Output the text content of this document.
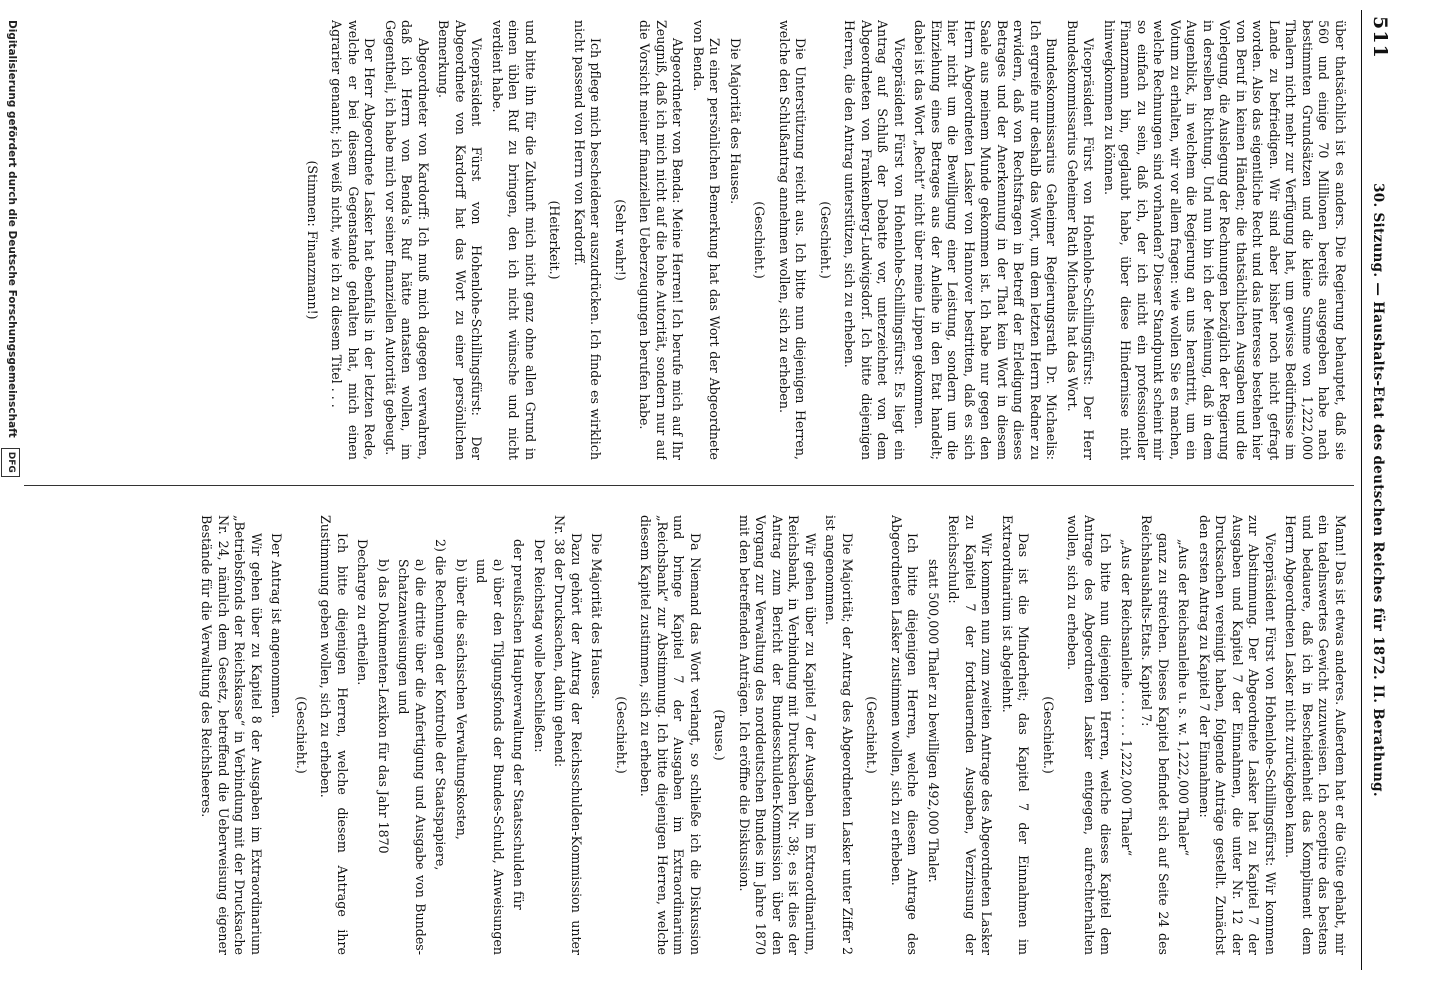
511
30. Sitzung. — Haushalts-Etat des deutschen Reiches für 1872. II. Berathung.

über thatsächlich ist es anders. Die Regierung behauptet, daß sie 560 und einige 70 Millionen bereits ausgegeben habe nach bestimmten Grundsätzen und die kleine Summe von 1,222,000 Thalern nicht mehr zur Verfügung hat, um gewisse Bedürfnisse im Lande zu befriedigen. Wir sind aber bisher noch nicht gefragt worden. Also das eigentliche Recht und das Interesse bestehen hier von Beruf in keinen Händen; die thatsächlichen Ausgaben und die Vorlegung, die Auslegung der Rechnungen bezüglich der Regierung in derselben Richtung. Und nun bin ich der Meinung, daß in dem Augenblick, in welchem die Regierung an uns herantritt, um ein Votum zu erhalten, wir vor allem fragen: wie wollen Sie es machen, welche Rechnungen sind vorhanden? Dieser Standpunkt scheint mir so einfach zu sein, daß ich, der ich nicht ein professioneller Finanzmann bin, geglaubt habe, über diese Hindernisse nicht hinwegkommen zu können.

Vicepräsident Fürst von Hohenlohe-Schillingsfürst: Der Herr Bundeskommissarius Geheimer Rath Michaelis hat das Wort.

Bundeskommissarius Geheimer Regierungsrath Dr. Michaelis: Ich ergreife nur deshalb das Wort, um dem letzten Herrn Redner zu erwidern, daß von Rechtsfragen in Betreff der Erledigung dieses Betrages und der Anerkennung in der That kein Wort in diesem Saale aus meinem Munde gekommen ist. Ich habe nur gegen den Herrn Abgeordneten Lasker von Hannover bestritten, daß es sich hier nicht um die Bewilligung einer Leistung, sondern um die Einziehung eines Betrages aus der Anleihe in den Etat handelt; dabei ist das Wort „Recht“ nicht über meine Lippen gekommen.

Vicepräsident Fürst von Hohenlohe-Schillingsfürst: Es liegt ein Antrag auf Schluß der Debatte vor, unterzeichnet von dem Abgeordneten von Frankenberg-Ludwigsdorf. Ich bitte diejenigen Herren, die den Antrag unterstützen, sich zu erheben.

(Geschieht.)

Die Unterstützung reicht aus. Ich bitte nun diejenigen Herren, welche den Schlußantrag annehmen wollen, sich zu erheben.

(Geschieht.)

Die Majorität des Hauses.

Zu einer persönlichen Bemerkung hat das Wort der Abgeordnete von Benda.

Abgeordneter von Benda: Meine Herren! Ich berufe mich auf Ihr Zeugniß, daß ich mich nicht auf die hohe Autorität, sondern nur auf die Vorsicht meiner finanziellen Ueberzeugungen berufen habe.

(Sehr wahr!)

Ich pflege mich bescheidener auszudrücken. Ich finde es wirklich nicht passend von Herrn von Kardorff.

(Heiterkeit.)

und bitte ihn für die Zukunft mich nicht ganz ohne allen Grund in einen üblen Ruf zu bringen, den ich nicht wünsche und nicht verdient habe.

Vicepräsident Fürst von Hohenlohe-Schillingsfürst: Der Abgeordnete von Kardorff hat das Wort zu einer persönlichen Bemerkung.

Abgeordneter von Kardorff: Ich muß mich dagegen verwahren, daß ich Herrn von Benda's Ruf hätte antasten wollen, im Gegentheil, ich habe mich vor seiner finanziellen Autorität gebeugt.

Der Herr Abgeordnete Lasker hat ebenfalls in der letzten Rede, welche er bei diesem Gegenstande gehalten hat, mich einen Agrarier genannt; ich weiß nicht, wie ich zu diesem Titel . . .

(Stimmen: Finanzmann!)

Mann! Das ist etwas anderes. Außerdem hat er die Güte gehabt, mir ein tadelnswertes Gewicht zuzuweisen. Ich acceptire das bestens und bedauere, daß ich in Bescheidenheit das Kompliment dem Herrn Abgeordneten Lasker nicht zurückgeben kann.

Vicepräsident Fürst von Hohenlohe-Schillingsfürst: Wir kommen zur Abstimmung. Der Abgeordnete Lasker hat zu Kapitel 7 der Ausgaben und Kapitel 7 der Einnahmen, die unter Nr. 12 der Drucksachen vereinigt haben, folgende Anträge gestellt. Zunächst den ersten Antrag zu Kapitel 7 der Einnahmen:

„Aus der Reichsanleihe u. s. w. 1,222,000 Thaler“

ganz zu streichen. Dieses Kapitel befindet sich auf Seite 24 des Reichshaushalts-Etats. Kapitel 7:

„Aus der Reichsanleihe . . . . . . 1,222,000 Thaler“

Ich bitte nun diejenigen Herren, welche dieses Kapitel dem Antrage des Abgeordneten Lasker entgegen, aufrechterhalten wollen, sich zu erheben.

(Geschieht.)

Das ist die Minderheit; das Kapitel 7 der Einnahmen im Extraordinarium ist abgelehnt.

Wir kommen nun zum zweiten Antrage des Abgeordneten Lasker zu Kapitel 7 der fortdauernden Ausgaben, Verzinsung der Reichsschuld:

statt 500,000 Thaler zu bewilligen 492,000 Thaler.

Ich bitte diejenigen Herren, welche diesem Antrage des Abgeordneten Lasker zustimmen wollen, sich zu erheben.

(Geschieht.)

Die Majorität; der Antrag des Abgeordneten Lasker unter Ziffer 2 ist angenommen.

Wir gehen über zu Kapitel 7 der Ausgaben im Extraordinarium, Reichsbank, in Verbindung mit Drucksachen Nr. 38; es ist dies der Antrag zum Bericht der Bundesschulden-Kommission über den Vorgang zur Verwaltung des norddeutschen Bundes im Jahre 1870 mit den betreffenden Anträgen. Ich eröffne die Diskussion.

(Pause.)

Da Niemand das Wort verlangt, so schließe ich die Diskussion und bringe Kapitel 7 der Ausgaben im Extraordinarium „Reichsbank“ zur Abstimmung. Ich bitte diejenigen Herren, welche diesem Kapitel zustimmen, sich zu erheben.

(Geschieht.)

Die Majorität des Hauses.

Dazu gehört der Antrag der Reichsschulden-Kommission unter Nr. 38 der Drucksachen, dahin gehend:

Der Reichstag wolle beschließen:

der preußischen Hauptverwaltung der Staatsschulden für

a) über den Tilgungsfonds der Bundes-Schuld, Anweisungen und

b) über die sächsischen Verwaltungskosten,

2) die Rechnungen der Kontrolle der Staatspapiere,

a) die dritte über die Anfertigung und Ausgabe von Bundes-Schatzanweisungen und

b) das Dokumenten-Lexikon für das Jahr 1870

Decharge zu ertheilen.

Ich bitte diejenigen Herren, welche diesem Antrage ihre Zustimmung geben wollen, sich zu erheben.

(Geschieht.)

Der Antrag ist angenommen.

Wir gehen über zu Kapitel 8 der Ausgaben im Extraordinarium „Betriebsfonds der Reichskasse“ in Verbindung mit der Drucksache Nr. 24, nämlich dem Gesetz, betreffend die Ueberweisung eigener Bestände für die Verwaltung des Reichsheeres.

Digitalisierung gefördert durch die Deutsche ForschungsgemeinschaftDFG
